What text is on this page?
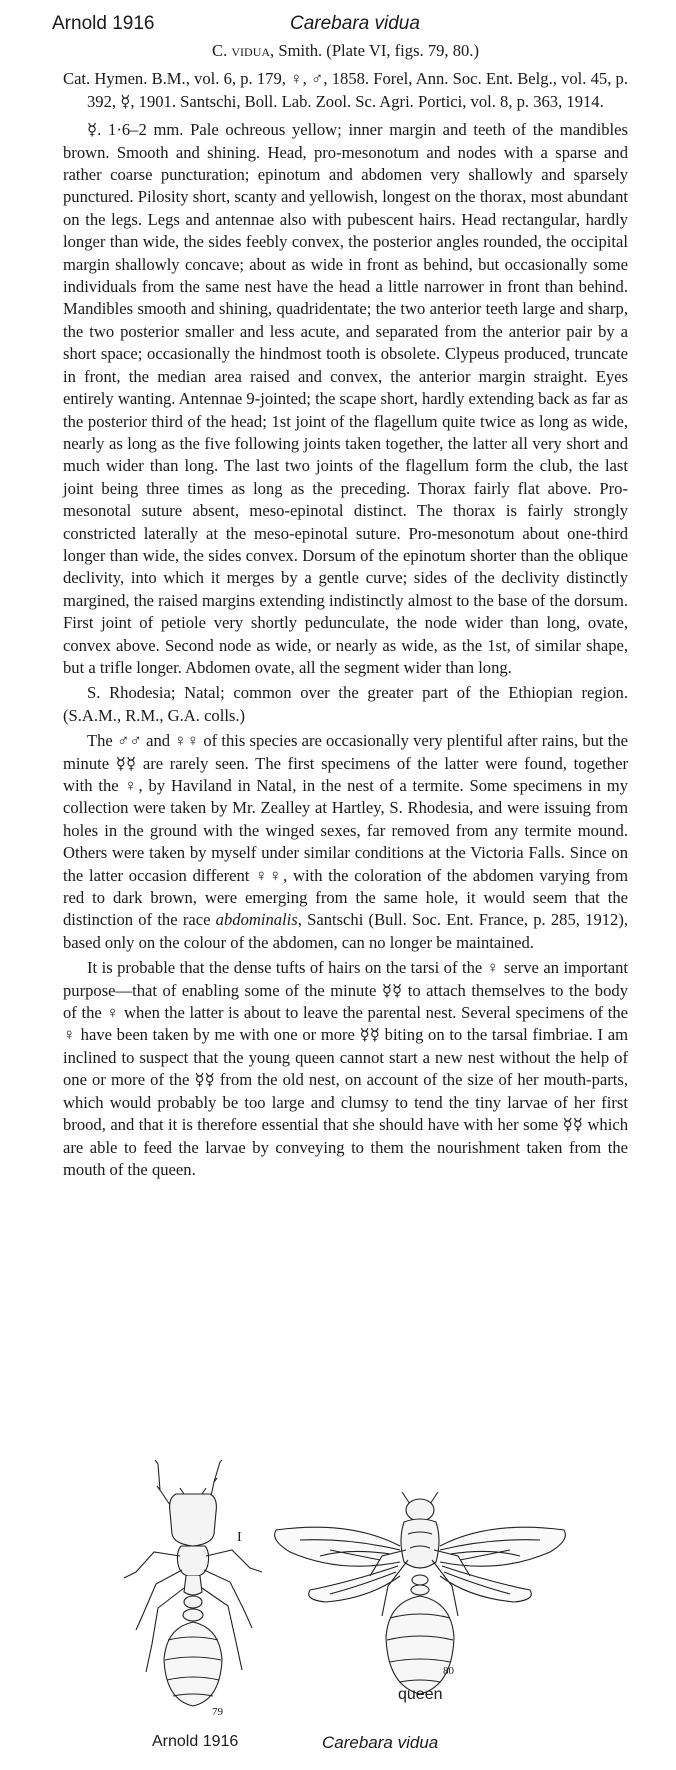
Arnold 1916	Carebara vidua
C. vidua, Smith. (Plate VI, figs. 79, 80.)

Cat. Hymen. B.M., vol. 6, p. 179, ♀, ♂, 1858. Forel, Ann. Soc. Ent. Belg., vol. 45, p. 392, ☿, 1901. Santschi, Boll. Lab. Zool. Sc. Agri. Portici, vol. 8, p. 363, 1914.

☿. 1·6–2 mm. Pale ochreous yellow; inner margin and teeth of the mandibles brown. Smooth and shining. Head, pro-mesonotum and nodes with a sparse and rather coarse puncturation; epinotum and abdomen very shallowly and sparsely punctured. Pilosity short, scanty and yellowish, longest on the thorax, most abundant on the legs. Legs and antennae also with pubescent hairs. Head rectangular, hardly longer than wide, the sides feebly convex, the posterior angles rounded, the occipital margin shallowly concave; about as wide in front as behind, but occasionally some individuals from the same nest have the head a little narrower in front than behind. Mandibles smooth and shining, quadridentate; the two anterior teeth large and sharp, the two posterior smaller and less acute, and separated from the anterior pair by a short space; occasionally the hindmost tooth is obsolete. Clypeus produced, truncate in front, the median area raised and convex, the anterior margin straight. Eyes entirely wanting. Antennae 9-jointed; the scape short, hardly extending back as far as the posterior third of the head; 1st joint of the flagellum quite twice as long as wide, nearly as long as the five following joints taken together, the latter all very short and much wider than long. The last two joints of the flagellum form the club, the last joint being three times as long as the preceding. Thorax fairly flat above. Pro-mesonotal suture absent, meso-epinotal distinct. The thorax is fairly strongly constricted laterally at the meso-epinotal suture. Pro-mesonotum about one-third longer than wide, the sides convex. Dorsum of the epinotum shorter than the oblique declivity, into which it merges by a gentle curve; sides of the declivity distinctly margined, the raised margins extending indistinctly almost to the base of the dorsum. First joint of petiole very shortly pedunculate, the node wider than long, ovate, convex above. Second node as wide, or nearly as wide, as the 1st, of similar shape, but a trifle longer. Abdomen ovate, all the segment wider than long.

S. Rhodesia; Natal; common over the greater part of the Ethiopian region. (S.A.M., R.M., G.A. colls.)

The ♂♂ and ♀♀ of this species are occasionally very plentiful after rains, but the minute ☿☿ are rarely seen. The first specimens of the latter were found, together with the ♀, by Haviland in Natal, in the nest of a termite. Some specimens in my collection were taken by Mr. Zealley at Hartley, S. Rhodesia, and were issuing from holes in the ground with the winged sexes, far removed from any termite mound. Others were taken by myself under similar conditions at the Victoria Falls. Since on the latter occasion different ♀♀, with the coloration of the abdomen varying from red to dark brown, were emerging from the same hole, it would seem that the distinction of the race abdominalis, Santschi (Bull. Soc. Ent. France, p. 285, 1912), based only on the colour of the abdomen, can no longer be maintained.

It is probable that the dense tufts of hairs on the tarsi of the ♀ serve an important purpose—that of enabling some of the minute ☿☿ to attach themselves to the body of the ♀ when the latter is about to leave the parental nest. Several specimens of the ♀ have been taken by me with one or more ☿☿ biting on to the tarsal fimbriae. I am inclined to suspect that the young queen cannot start a new nest without the help of one or more of the ☿☿ from the old nest, on account of the size of her mouth-parts, which would probably be too large and clumsy to tend the tiny larvae of her first brood, and that it is therefore essential that she should have with her some ☿☿ which are able to feed the larvae by conveying to them the nourishment taken from the mouth of the queen.

79
I
80
queen
Arnold 1916	Carebara vidua
